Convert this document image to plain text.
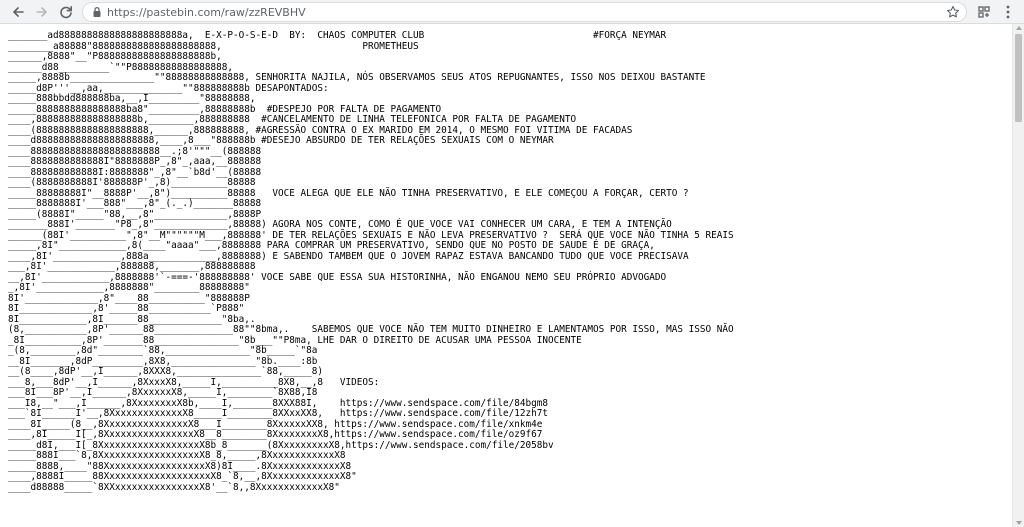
https://pastebin.com/raw/zzREVBHV
_______ad8888888888888888888888a,  E-X-P-O-S-E-D  BY:  CHAOS COMPUTER CLUB                              #FORÇA NEYMAR
________a88888"8888888888888888888888,                         PROMETHEUS
______,8888"__"P88888888888888888888b,
______d88_________`""P88888888888888888,
_____,8888b_______________""88888888888888, SENHORITA NAJILA, NÓS OBSERVAMOS SEUS ATOS REPUGNANTES, ISSO NOS DEIXOU BASTANTE
_____d8P'''__,aa,______________""888888888b DESAPONTADOS:
_____888bbdd888888ba,__,I_________"88888888,
_____8888888888888888ba8"_________,88888888b  #DESPEJO POR FALTA DE PAGAMENTO
____,888888888888888888b,________,888888888  #CANCELAMENTO DE LINHA TELEFONICA POR FALTA DE PAGAMENTO
____(88888888888888888888,______,888888888, #AGRESSÃO CONTRA O EX MARIDO EM 2014, O MESMO FOI VITIMA DE FACADAS
____d888888888888888888888,____,8___"888888b #DESEJO ABSURDO DE TER RELAÇÕES SEXUAIS COM O NEYMAR
____88888888888888888888888__.;8'"""__(888888
____8888888888888I"8888888P_,8"_,aaa,__888888
____888888888888I:8888888"_,8"__`b8d'__(88888
____(8888888888I'888888P'_,8)__________88888
_____88888888I"__8888P'__,8")__________88888   VOCE ALEGA QUE ELE NÃO TINHA PRESERVATIVO, E ELE COMEÇOU A FORÇAR, CERTO ?
_____8888888I'___888"___,8"_(._.)_______88888
_____(8888I"_____"88,__,8"_____________,8888P
_______888I'_______"P8_,8"_____________,88888) AGORA NOS CONTE, COMO É QUE VOCE VAI CONHECER UM CARA, E TEM A INTENÇÃO
______(88I'__________",8"__M""""""M___,888888' DE TER RELAÇÕES SEXUAIS E NÃO LEVA PRESERVATIVO ?  SERÁ QUE VOCE NÃO TINHA 5 REAIS
_____,8I"____________,8(____"aaaa"___,8888888 PARA COMPRAR UM PRESERVATIVO, SENDO QUE NO POSTO DE SAUDE É DE GRAÇA,
____,8I'____________,888a____________,8888888) E SABENDO TAMBEM QUE O JOVEM RAPAZ ESTAVA BANCANDO TUDO QUE VOCE PRECISAVA
___,8I'____________,888888,_______,888888888
__,8I'____________,8888888'`-===-'888888888' VOCE SABE QUE ESSA SUA HISTORINHA, NÃO ENGANOU NEMO SEU PRÓPRIO ADVOGADO
_,8I'____________,8888888"________88888888"
8I'_____________,8"____88__________"888888P
8I_____________,8'_____88___________`P888"
8I____________,8I______88_____________"8ba,.
(8,___________,8P'______88______________88""8bma,.    SABEMOS QUE VOCE NÃO TEM MUITO DINHEIRO E LAMENTAMOS POR ISSO, MAS ISSO NÃO
_8I__________,8P'_______88_______________"8b___""P8ma, LHE DAR O DIREITO DE ACUSAR UMA PESSOA INOCENTE
_(8,________,8d"________`88,_______________"8b_____`"8a
__8I_______,8dP_________,8X8,_______________"8b.____:8b
__(8____,8dP'__,I______,8XXX8,_______________`88,_____8)
___8,___8dP'__,I______,8XxxxX8,_____I,__________8X8,__,8   VIDEOS:
___8I___8P'__,I______,8XxxxxxX8,_____I,________`8X88,I8
___I8,__"___,I______,8XxxxxxxxX8b,____I,_______8XXX88I,    https://www.sendspace.com/file/84bgm8
___`8I______I'__,8XxxxxxxxxxxxxX8_____I________8XXxxXX8,   https://www.sendspace.com/file/12zh7t
____8I_____(8__,8XxxxxxxxxxxxxxxX8___I________8XxxxxxXX8, https://www.sendspace.com/file/xnkm4e
____,8I_____I[_,8XxxxxxxxxxxxxxxxX8__8________8XxxxxxxxX8,https://www.sendspace.com/file/oz9f67
_____d8I,___I[_8XxxxxxxxxxxxxxxxxxX8b_8_______(8XxxxxxxxxX8,https://www.sendspace.com/file/2058bv
_____888I___`8,8XxxxxxxxxxxxxxxxxxX8_8,_____,8XxxxxxxxxxxxX8
_____8888,____"88XxxxxxxxxxxxxxxxxxX8)8I____.8XxxxxxxxxxxxxX8
____,8888I_____88XxxxxxxxxxxxxxxxxxxX8_`8,__,8XxxxxxxxxxxxxX8"
____d88888_____`8XXxxxxxxxxxxxxxxxX8'__`8,,8XxxxxxxxxxxxX8"
